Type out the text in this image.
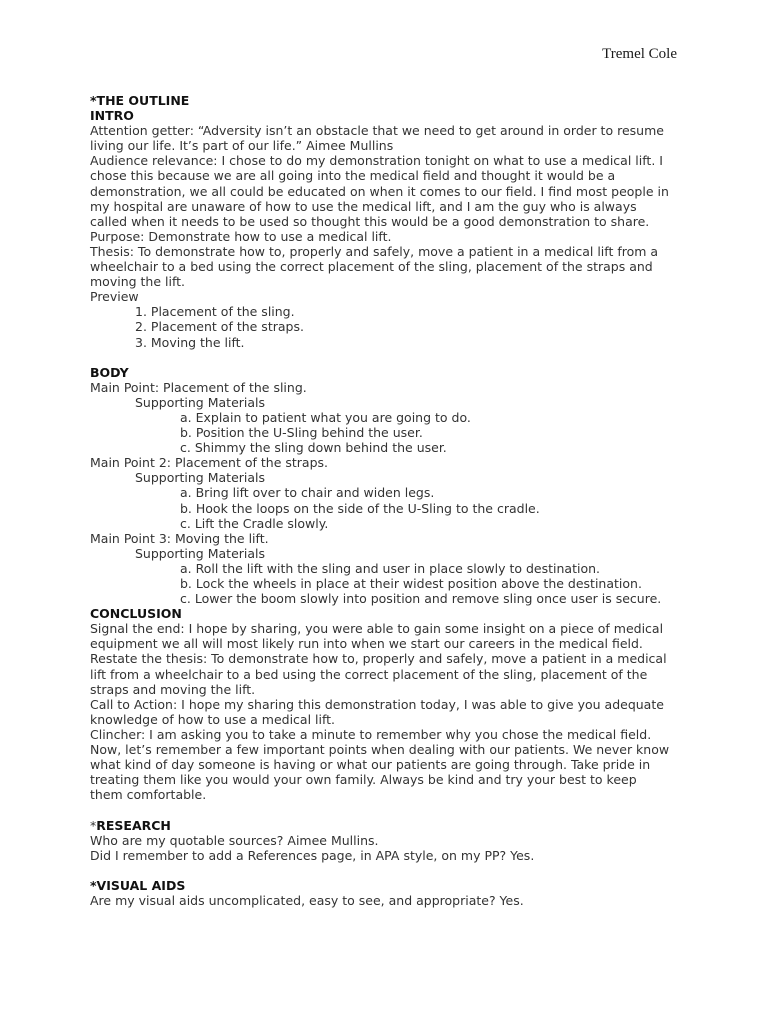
Tremel Cole

*THE OUTLINE

INTRO

Attention getter: “Adversity isn’t an obstacle that we need to get around in order to resume

living our life. It’s part of our life.” Aimee Mullins

Audience relevance: I chose to do my demonstration tonight on what to use a medical lift. I

chose this because we are all going into the medical field and thought it would be a

demonstration, we all could be educated on when it comes to our field. I find most people in

my hospital are unaware of how to use the medical lift, and I am the guy who is always

called when it needs to be used so thought this would be a good demonstration to share.

Purpose: Demonstrate how to use a medical lift.

Thesis: To demonstrate how to, properly and safely, move a patient in a medical lift from a

wheelchair to a bed using the correct placement of the sling, placement of the straps and

moving the lift.

Preview

1. Placement of the sling.

2. Placement of the straps.

3. Moving the lift.

BODY

Main Point: Placement of the sling.

Supporting Materials

a. Explain to patient what you are going to do.

b. Position the U-Sling behind the user.

c. Shimmy the sling down behind the user.

Main Point 2: Placement of the straps.

Supporting Materials

a. Bring lift over to chair and widen legs.

b. Hook the loops on the side of the U-Sling to the cradle.

c. Lift the Cradle slowly.

Main Point 3: Moving the lift.

Supporting Materials

a. Roll the lift with the sling and user in place slowly to destination.

b. Lock the wheels in place at their widest position above the destination.

c. Lower the boom slowly into position and remove sling once user is secure.

CONCLUSION

Signal the end: I hope by sharing, you were able to gain some insight on a piece of medical

equipment we all will most likely run into when we start our careers in the medical field.

Restate the thesis: To demonstrate how to, properly and safely, move a patient in a medical

lift from a wheelchair to a bed using the correct placement of the sling, placement of the

straps and moving the lift.

Call to Action: I hope my sharing this demonstration today, I was able to give you adequate

knowledge of how to use a medical lift.

Clincher: I am asking you to take a minute to remember why you chose the medical field.

Now, let’s remember a few important points when dealing with our patients. We never know

what kind of day someone is having or what our patients are going through. Take pride in

treating them like you would your own family. Always be kind and try your best to keep

them comfortable.

*RESEARCH

Who are my quotable sources? Aimee Mullins.

Did I remember to add a References page, in APA style, on my PP? Yes.

*VISUAL AIDS

Are my visual aids uncomplicated, easy to see, and appropriate? Yes.
